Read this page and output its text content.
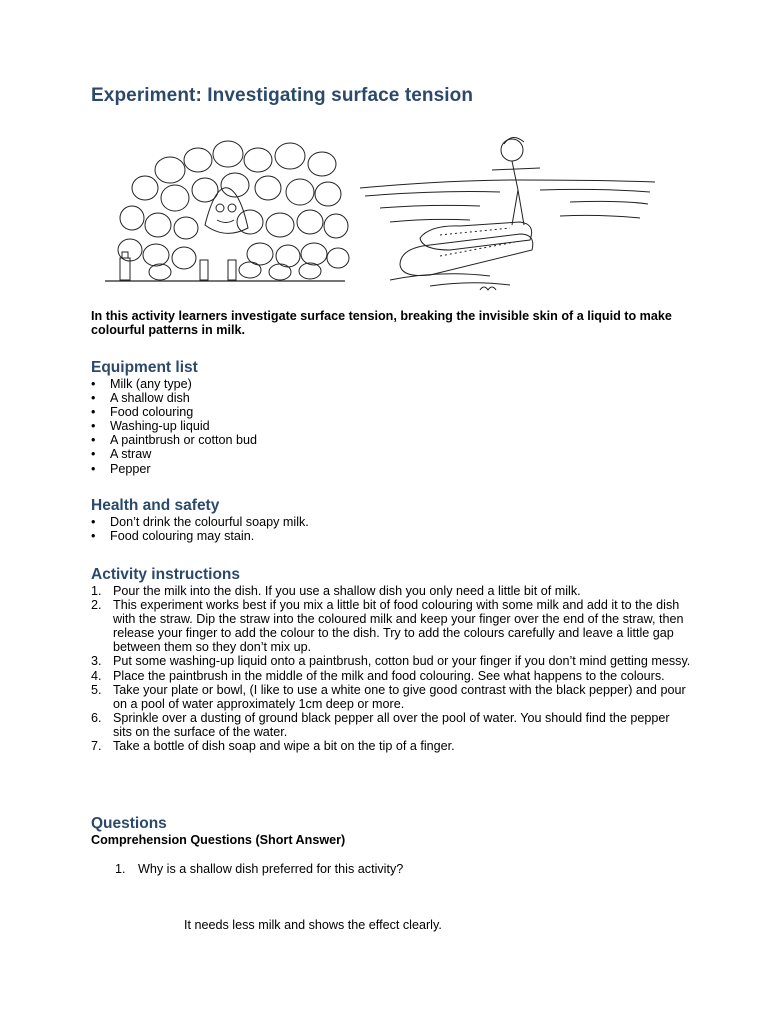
Experiment: Investigating surface tension

In this activity learners investigate surface tension, breaking the invisible skin of a liquid to make colourful patterns in milk.

Equipment list
• Milk (any type)
• A shallow dish
• Food colouring
• Washing-up liquid
• A paintbrush or cotton bud
• A straw
• Pepper
Health and safety
• Don’t drink the colourful soapy milk.
• Food colouring may stain.
Activity instructions
1. Pour the milk into the dish. If you use a shallow dish you only need a little bit of milk.
2. This experiment works best if you mix a little bit of food colouring with some milk and add it to the dish with the straw. Dip the straw into the coloured milk and keep your finger over the end of the straw, then release your finger to add the colour to the dish. Try to add the colours carefully and leave a little gap between them so they don’t mix up.
3. Put some washing-up liquid onto a paintbrush, cotton bud or your finger if you don’t mind getting messy.
4. Place the paintbrush in the middle of the milk and food colouring. See what happens to the colours.
5. Take your plate or bowl, (I like to use a white one to give good contrast with the black pepper) and pour on a pool of water approximately 1cm deep or more.
6. Sprinkle over a dusting of ground black pepper all over the pool of water. You should find the pepper sits on the surface of the water.
7. Take a bottle of dish soap and wipe a bit on the tip of a finger.
Questions

Comprehension Questions (Short Answer)

1. Why is a shallow dish preferred for this activity?

It needs less milk and shows the effect clearly.
